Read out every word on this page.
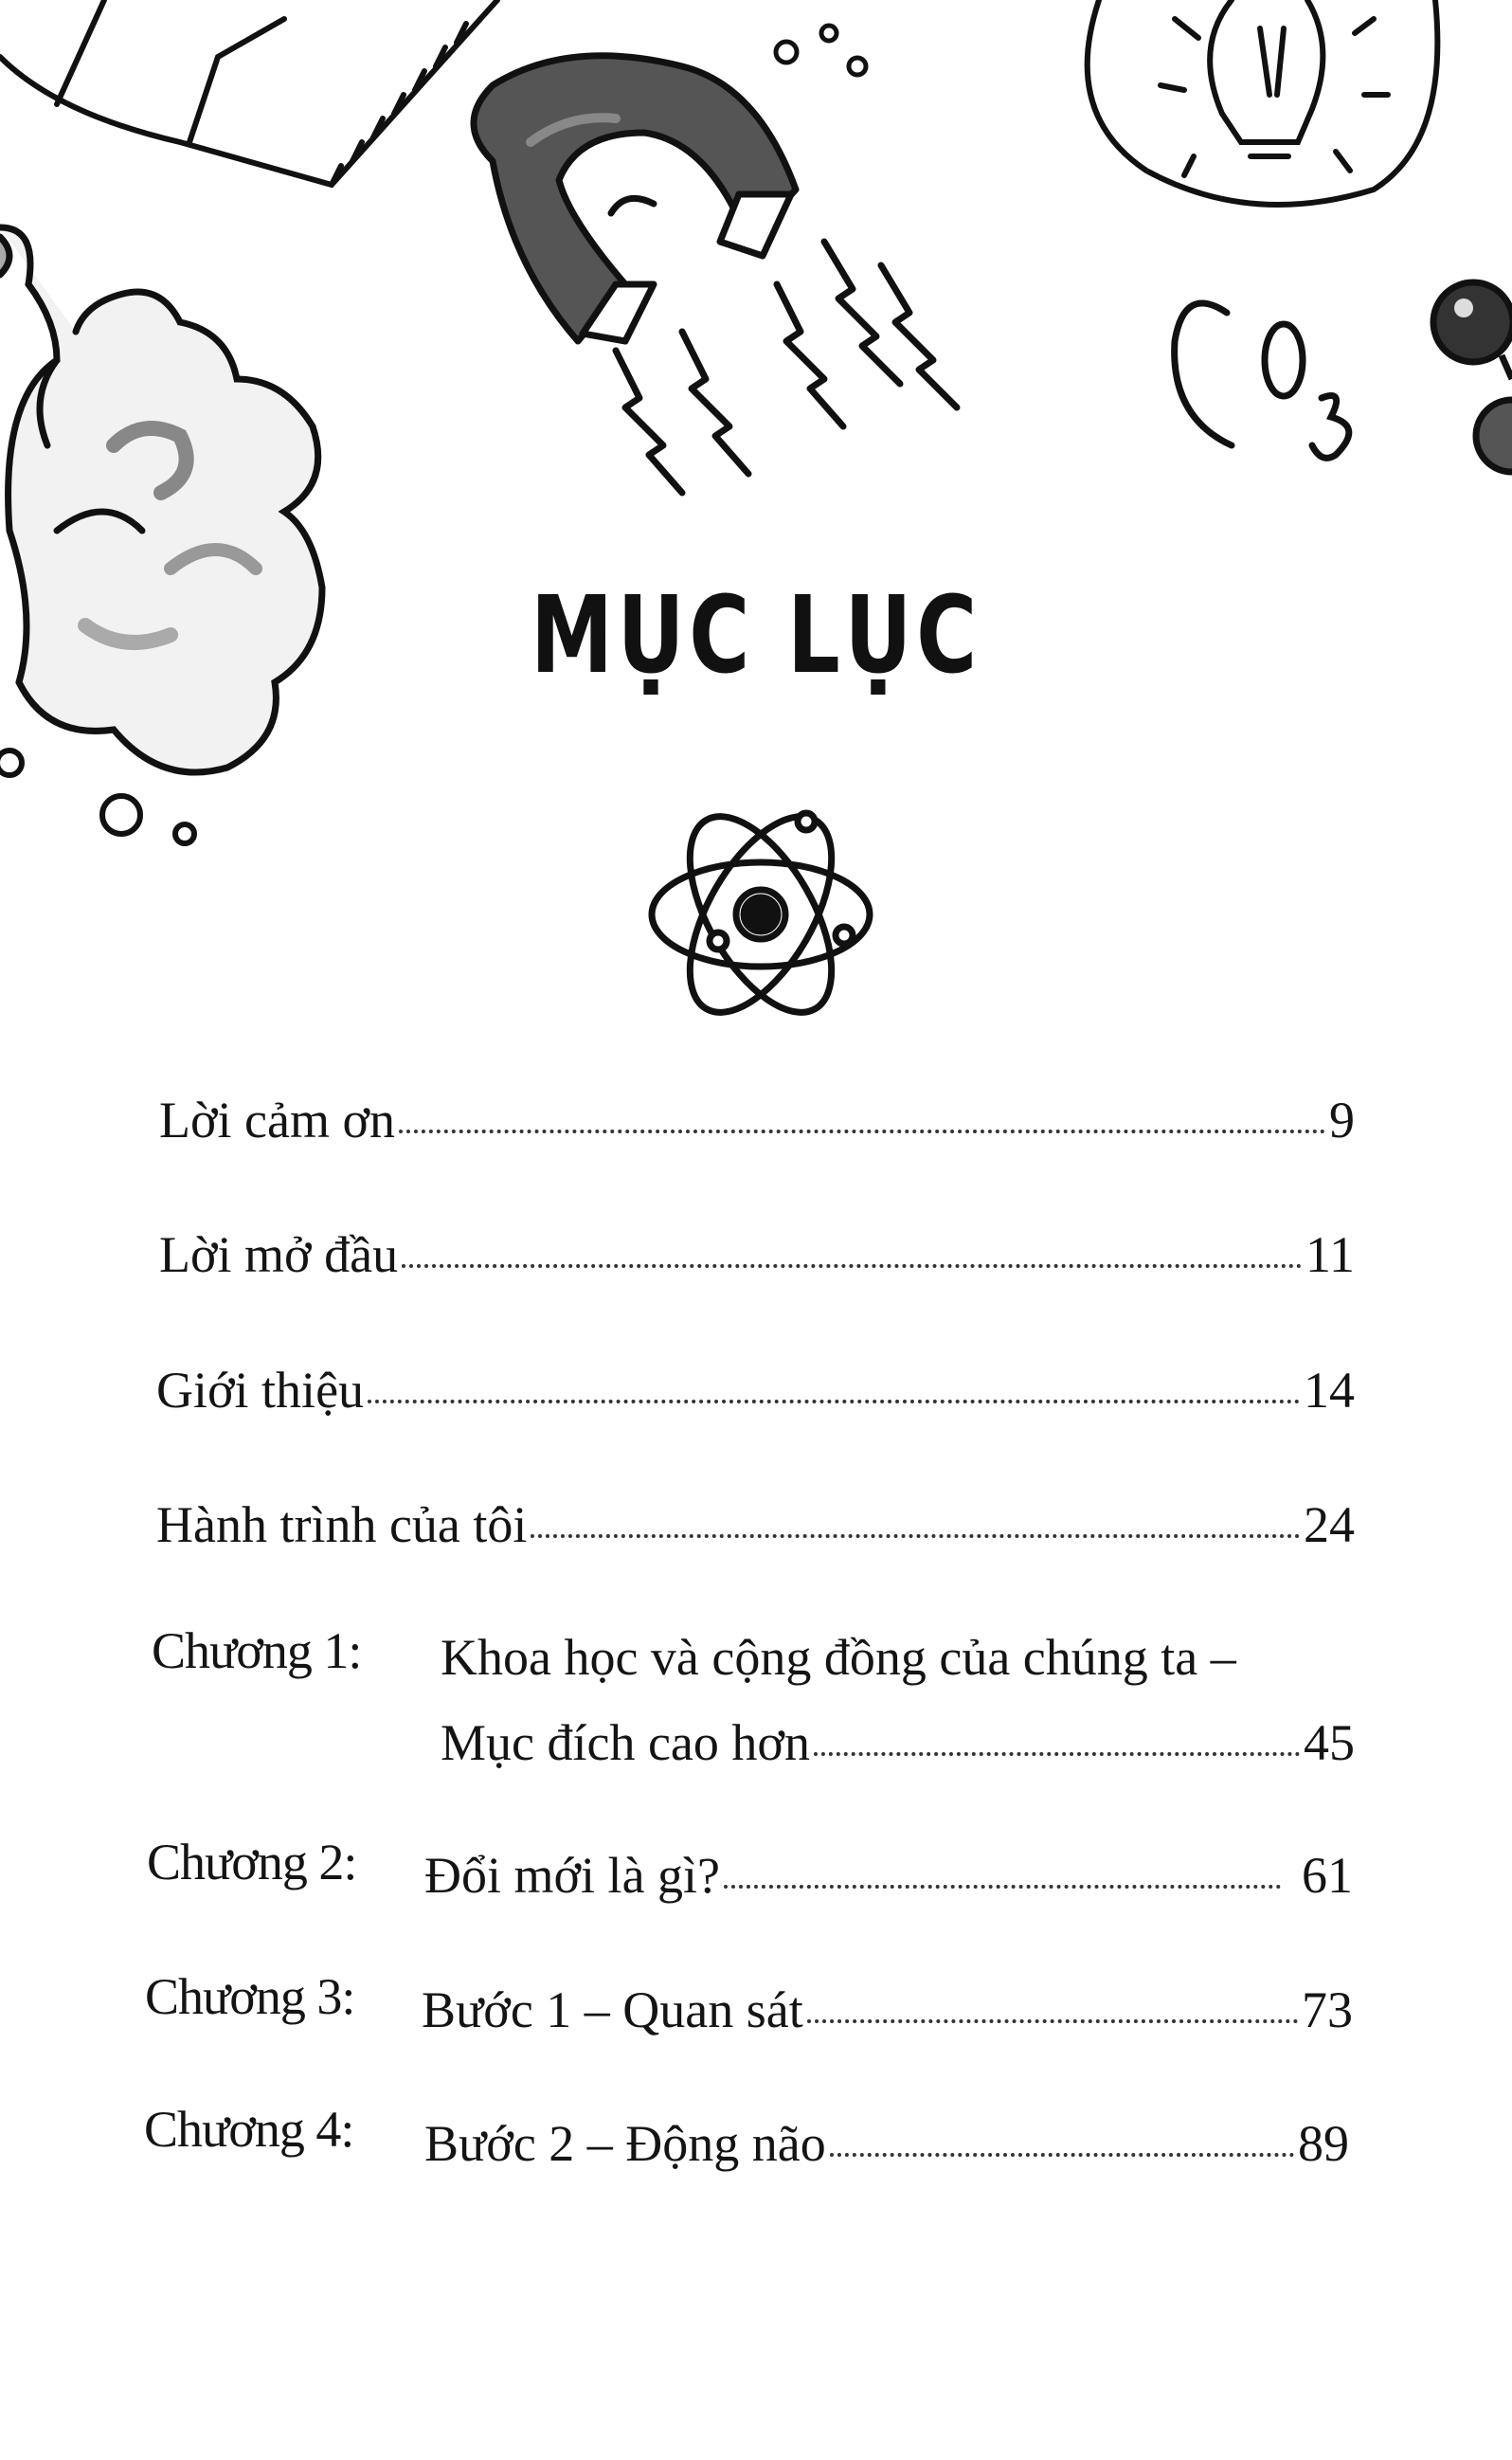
MỤC LỤC
Lời cảm ơn	9
Lời mở đầu	11
Giới thiệu	14
Hành trình của tôi	24
Chương 1: Khoa học và cộng đồng của chúng ta –
Mục đích cao hơn	45
Chương 2: Đổi mới là gì?	61
Chương 3: Bước 1 – Quan sát	73
Chương 4: Bước 2 – Động não	89
